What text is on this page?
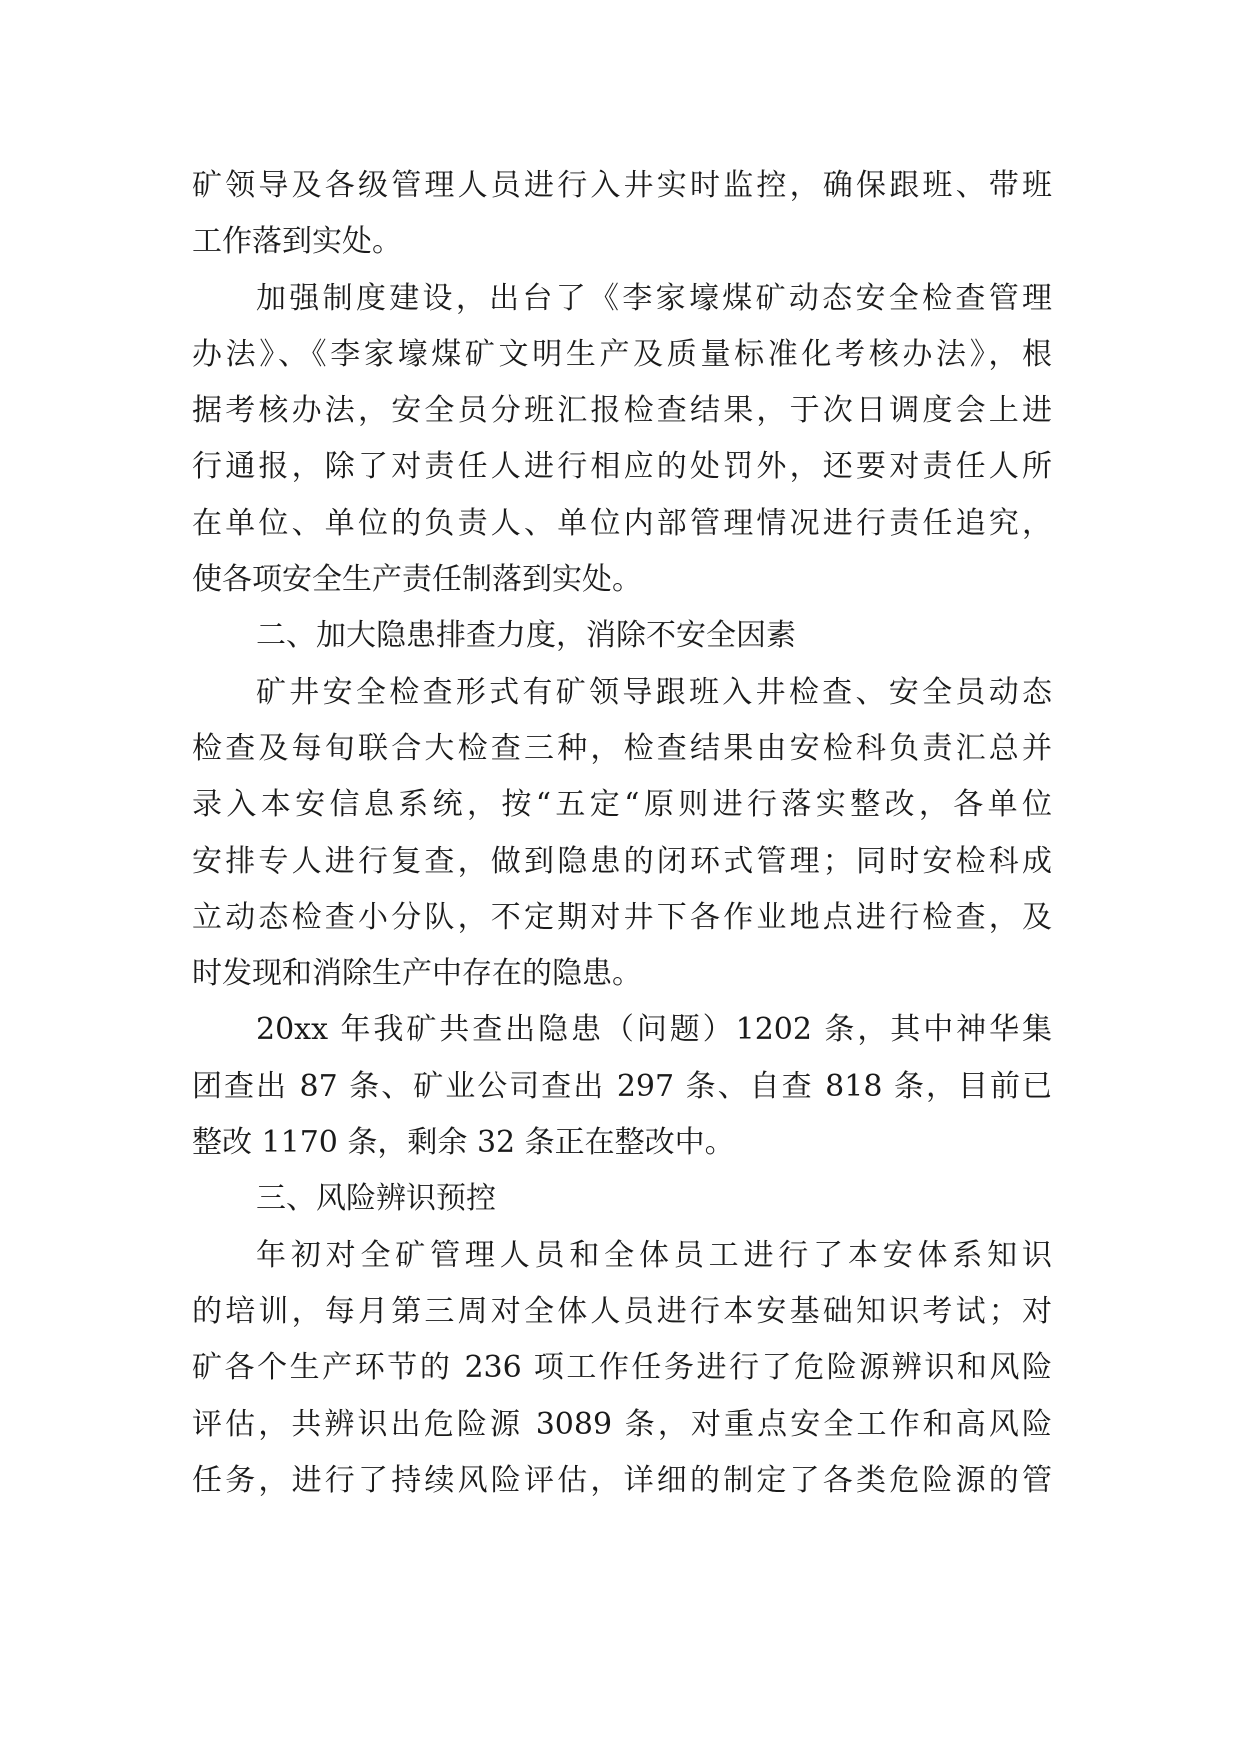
矿领导及各级管理人员进行入井实时监控，确保跟班、带班
工作落到实处。
加强制度建设，出台了《李家壕煤矿动态安全检查管理
办法》、《李家壕煤矿文明生产及质量标准化考核办法》，根
据考核办法，安全员分班汇报检查结果，于次日调度会上进
行通报，除了对责任人进行相应的处罚外，还要对责任人所
在单位、单位的负责人、单位内部管理情况进行责任追究，
使各项安全生产责任制落到实处。
二、加大隐患排查力度，消除不安全因素
矿井安全检查形式有矿领导跟班入井检查、安全员动态
检查及每旬联合大检查三种，检查结果由安检科负责汇总并
录入本安信息系统，按“五定“原则进行落实整改，各单位
安排专人进行复查，做到隐患的闭环式管理；同时安检科成
立动态检查小分队，不定期对井下各作业地点进行检查，及
时发现和消除生产中存在的隐患。
20xx 年我矿共查出隐患（问题）1202 条，其中神华集
团查出 87 条、矿业公司查出 297 条、自查 818 条，目前已
整改 1170 条，剩余 32 条正在整改中。
三、风险辨识预控
年初对全矿管理人员和全体员工进行了本安体系知识
的培训，每月第三周对全体人员进行本安基础知识考试；对
矿各个生产环节的 236 项工作任务进行了危险源辨识和风险
评估，共辨识出危险源 3089 条，对重点安全工作和高风险
任务，进行了持续风险评估，详细的制定了各类危险源的管
